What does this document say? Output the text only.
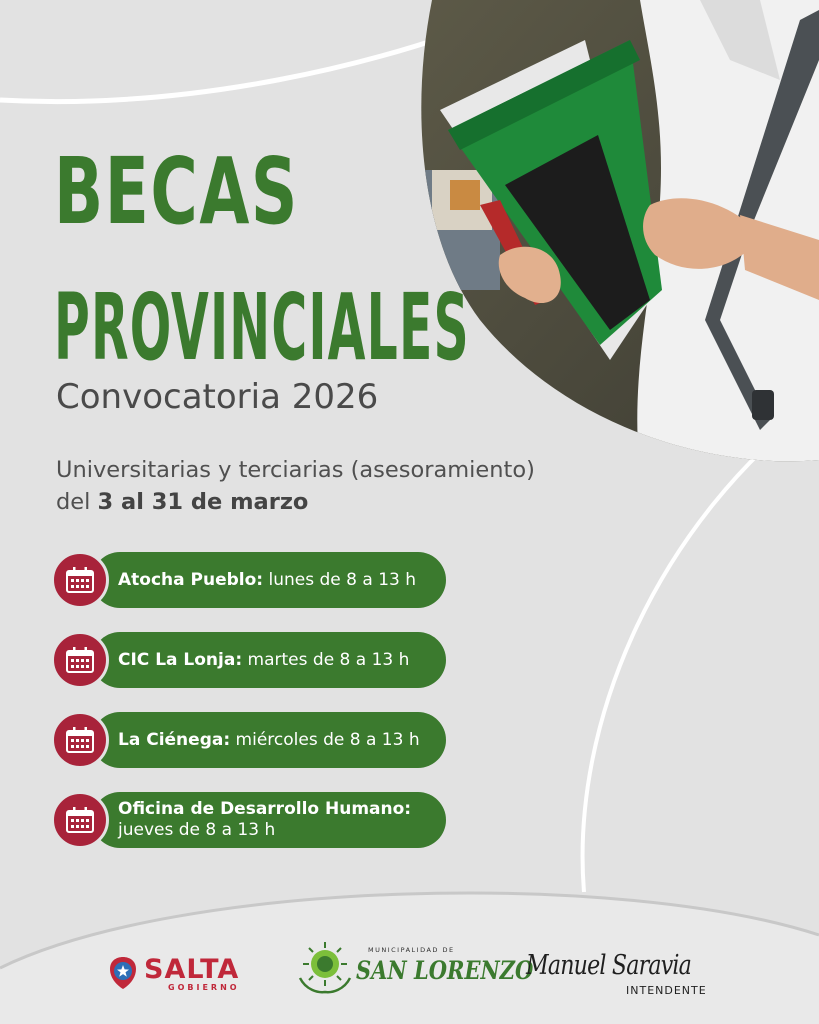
BECAS
PROVINCIALES
Convocatoria 2026
Universitarias y terciarias (asesoramiento)
del 3 al 31 de marzo
Atocha Pueblo:
lunes de 8 a 13 h
CIC La Lonja:
martes de 8 a 13 h
La Ciénega:
miércoles de 8 a 13 h
Oficina de Desarrollo Humano:
jueves de 8 a 13 h
SALTA
GOBIERNO
MUNICIPALIDAD DE
SAN LORENZO
Manuel Saravia
INTENDENTE
